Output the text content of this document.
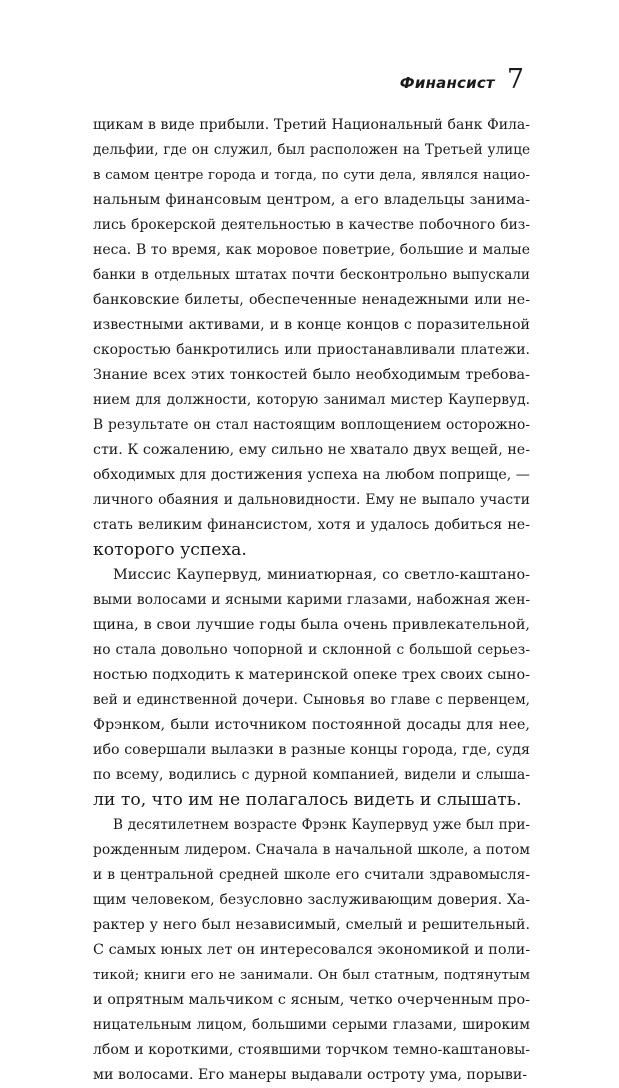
Финансист 7
щикам в виде прибыли. Третий Национальный банк Фила-
дельфии, где он служил, был расположен на Третьей улице
в самом центре города и тогда, по сути дела, являлся нацио-
нальным финансовым центром, а его владельцы занима-
лись брокерской деятельностью в качестве побочного биз-
неса. В то время, как моровое поветрие, большие и малые
банки в отдельных штатах почти бесконтрольно выпускали
банковские билеты, обеспеченные ненадежными или не-
известными активами, и в конце концов с поразительной
скоростью банкротились или приостанавливали платежи.
Знание всех этих тонкостей было необходимым требова-
нием для должности, которую занимал мистер Каупервуд.
В результате он стал настоящим воплощением осторожно-
сти. К сожалению, ему сильно не хватало двух вещей, не-
обходимых для достижения успеха на любом поприще, —
личного обаяния и дальновидности. Ему не выпало участи
стать великим финансистом, хотя и удалось добиться не-
которого успеха.
Миссис Каупервуд, миниатюрная, со светло-каштано-
выми волосами и ясными карими глазами, набожная жен-
щина, в свои лучшие годы была очень привлекательной,
но стала довольно чопорной и склонной с большой серьез-
ностью подходить к материнской опеке трех своих сыно-
вей и единственной дочери. Сыновья во главе с первенцем,
Фрэнком, были источником постоянной досады для нее,
ибо совершали вылазки в разные концы города, где, судя
по всему, водились с дурной компанией, видели и слыша-
ли то, что им не полагалось видеть и слышать.
В десятилетнем возрасте Фрэнк Каупервуд уже был при-
рожденным лидером. Сначала в начальной школе, а потом
и в центральной средней школе его считали здравомысля-
щим человеком, безусловно заслуживающим доверия. Ха-
рактер у него был независимый, смелый и решительный.
С самых юных лет он интересовался экономикой и поли-
тикой; книги его не занимали. Он был статным, подтянутым
и опрятным мальчиком с ясным, четко очерченным про-
ницательным лицом, большими серыми глазами, широким
лбом и короткими, стоявшими торчком темно-каштановы-
ми волосами. Его манеры выдавали остроту ума, порыви-
